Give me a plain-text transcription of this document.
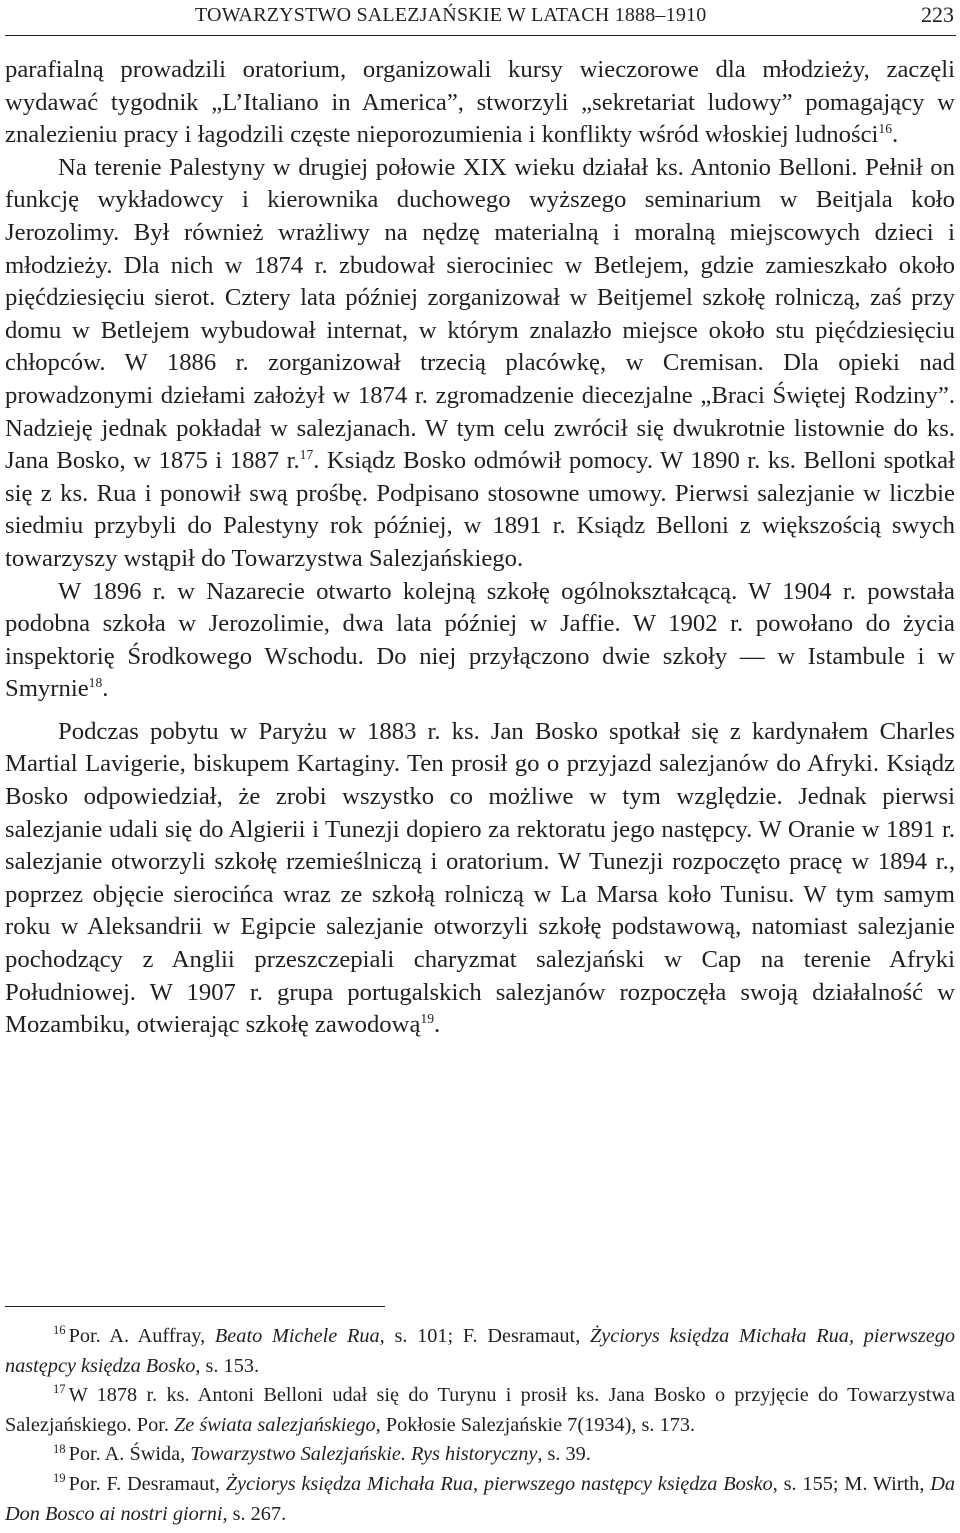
TOWARZYSTWO SALEZJAŃSKIE W LATACH 1888–1910	223

parafialną prowadzili oratorium, organizowali kursy wieczorowe dla młodzieży, zaczęli wydawać tygodnik „L’Italiano in America”, stworzyli „sekretariat ludowy” pomagający w znalezieniu pracy i łagodzili częste nieporozumienia i konflikty wśród włoskiej ludności$^{16}$.

Na terenie Palestyny w drugiej połowie XIX wieku działał ks. Antonio Belloni. Pełnił on funkcję wykładowcy i kierownika duchowego wyższego seminarium w Beitjala koło Jerozolimy. Był również wrażliwy na nędzę materialną i moralną miejscowych dzieci i młodzieży. Dla nich w 1874 r. zbudował sierociniec w Betlejem, gdzie zamieszkało około pięćdziesięciu sierot. Cztery lata później zorganizował w Beitjemel szkołę rolniczą, zaś przy domu w Betlejem wybudował internat, w którym znalazło miejsce około stu pięćdziesięciu chłopców. W 1886 r. zorganizował trzecią placówkę, w Cremisan. Dla opieki nad prowadzonymi dziełami założył w 1874 r. zgromadzenie diecezjalne „Braci Świętej Rodziny”. Nadzieję jednak pokładał w salezjanach. W tym celu zwrócił się dwukrotnie listownie do ks. Jana Bosko, w 1875 i 1887 r.$^{17}$. Ksiądz Bosko odmówił pomocy. W 1890 r. ks. Belloni spotkał się z ks. Rua i ponowił swą prośbę. Podpisano stosowne umowy. Pierwsi salezjanie w liczbie siedmiu przybyli do Palestyny rok później, w 1891 r. Ksiądz Belloni z większością swych towarzyszy wstąpił do Towarzystwa Salezjańskiego.

W 1896 r. w Nazarecie otwarto kolejną szkołę ogólnokształcącą. W 1904 r. powstała podobna szkoła w Jerozolimie, dwa lata później w Jaffie. W 1902 r. powołano do życia inspektorię Środkowego Wschodu. Do niej przyłączono dwie szkoły — w Istambule i w Smyrnie$^{18}$.

Podczas pobytu w Paryżu w 1883 r. ks. Jan Bosko spotkał się z kardynałem Charles Martial Lavigerie, biskupem Kartaginy. Ten prosił go o przyjazd salezjanów do Afryki. Ksiądz Bosko odpowiedział, że zrobi wszystko co możliwe w tym względzie. Jednak pierwsi salezjanie udali się do Algierii i Tunezji dopiero za rektoratu jego następcy. W Oranie w 1891 r. salezjanie otworzyli szkołę rzemieślniczą i oratorium. W Tunezji rozpoczęto pracę w 1894 r., poprzez objęcie sierocińca wraz ze szkołą rolniczą w La Marsa koło Tunisu. W tym samym roku w Aleksandrii w Egipcie salezjanie otworzyli szkołę podstawową, natomiast salezjanie pochodzący z Anglii przeszczepiali charyzmat salezjański w Cap na terenie Afryki Południowej. W 1907 r. grupa portugalskich salezjanów rozpoczęła swoją działalność w Mozambiku, otwierając szkołę zawodową$^{19}$.

$^{16}$ Por. A. Auffray, Beato Michele Rua, s. 101; F. Desramaut, Życiorys księdza Michała Rua, pierwszego następcy księdza Bosko, s. 153.

$^{17}$ W 1878 r. ks. Antoni Belloni udał się do Turynu i prosił ks. Jana Bosko o przyjęcie do Towarzystwa Salezjańskiego. Por. Ze świata salezjańskiego, Pokłosie Salezjańskie 7(1934), s. 173.

$^{18}$ Por. A. Świda, Towarzystwo Salezjańskie. Rys historyczny, s. 39.

$^{19}$ Por. F. Desramaut, Życiorys księdza Michała Rua, pierwszego następcy księdza Bosko, s. 155; M. Wirth, Da Don Bosco ai nostri giorni, s. 267.
